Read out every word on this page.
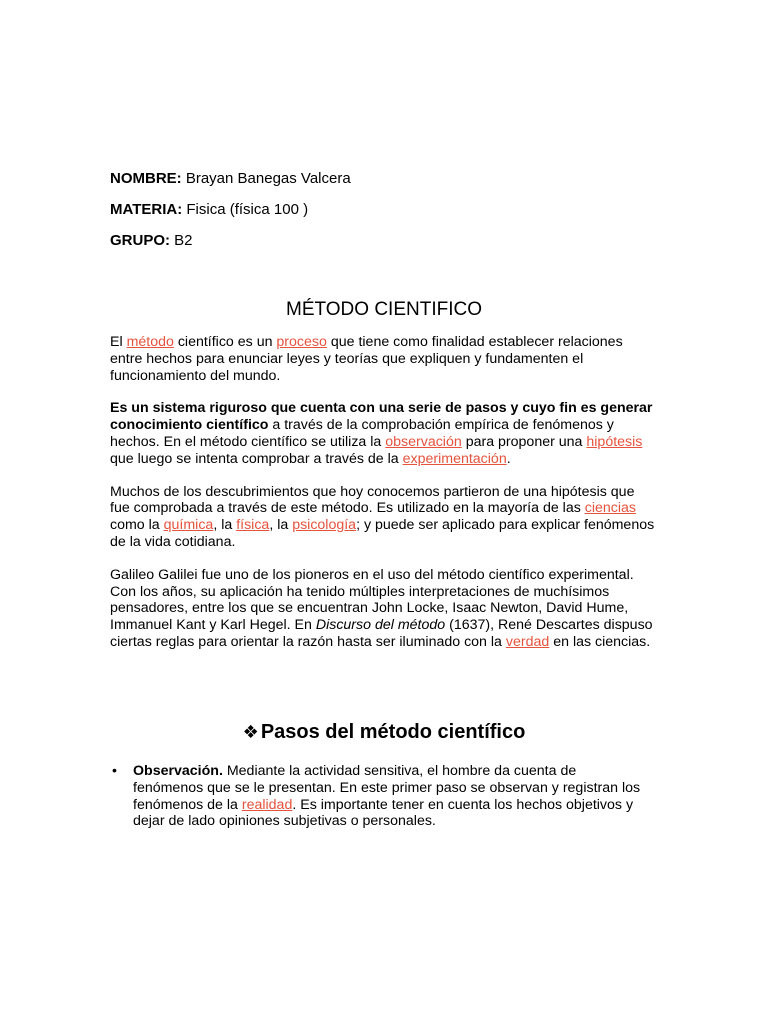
NOMBRE: Brayan Banegas Valcera
MATERIA: Fisica (física 100 )
GRUPO: B2
MÉTODO CIENTIFICO

El método científico es un proceso que tiene como finalidad establecer relaciones entre hechos para enunciar leyes y teorías que expliquen y fundamenten el funcionamiento del mundo.

Es un sistema riguroso que cuenta con una serie de pasos y cuyo fin es generar conocimiento científico a través de la comprobación empírica de fenómenos y hechos. En el método científico se utiliza la observación para proponer una hipótesis que luego se intenta comprobar a través de la experimentación.

Muchos de los descubrimientos que hoy conocemos partieron de una hipótesis que fue comprobada a través de este método. Es utilizado en la mayoría de las ciencias como la química, la física, la psicología; y puede ser aplicado para explicar fenómenos de la vida cotidiana.

Galileo Galilei fue uno de los pioneros en el uso del método científico experimental. Con los años, su aplicación ha tenido múltiples interpretaciones de muchísimos pensadores, entre los que se encuentran John Locke, Isaac Newton, David Hume, Immanuel Kant y Karl Hegel. En Discurso del método (1637), René Descartes dispuso ciertas reglas para orientar la razón hasta ser iluminado con la verdad en las ciencias.

❖ Pasos del método científico
• Observación. Mediante la actividad sensitiva, el hombre da cuenta de fenómenos que se le presentan. En este primer paso se observan y registran los fenómenos de la realidad. Es importante tener en cuenta los hechos objetivos y dejar de lado opiniones subjetivas o personales.
